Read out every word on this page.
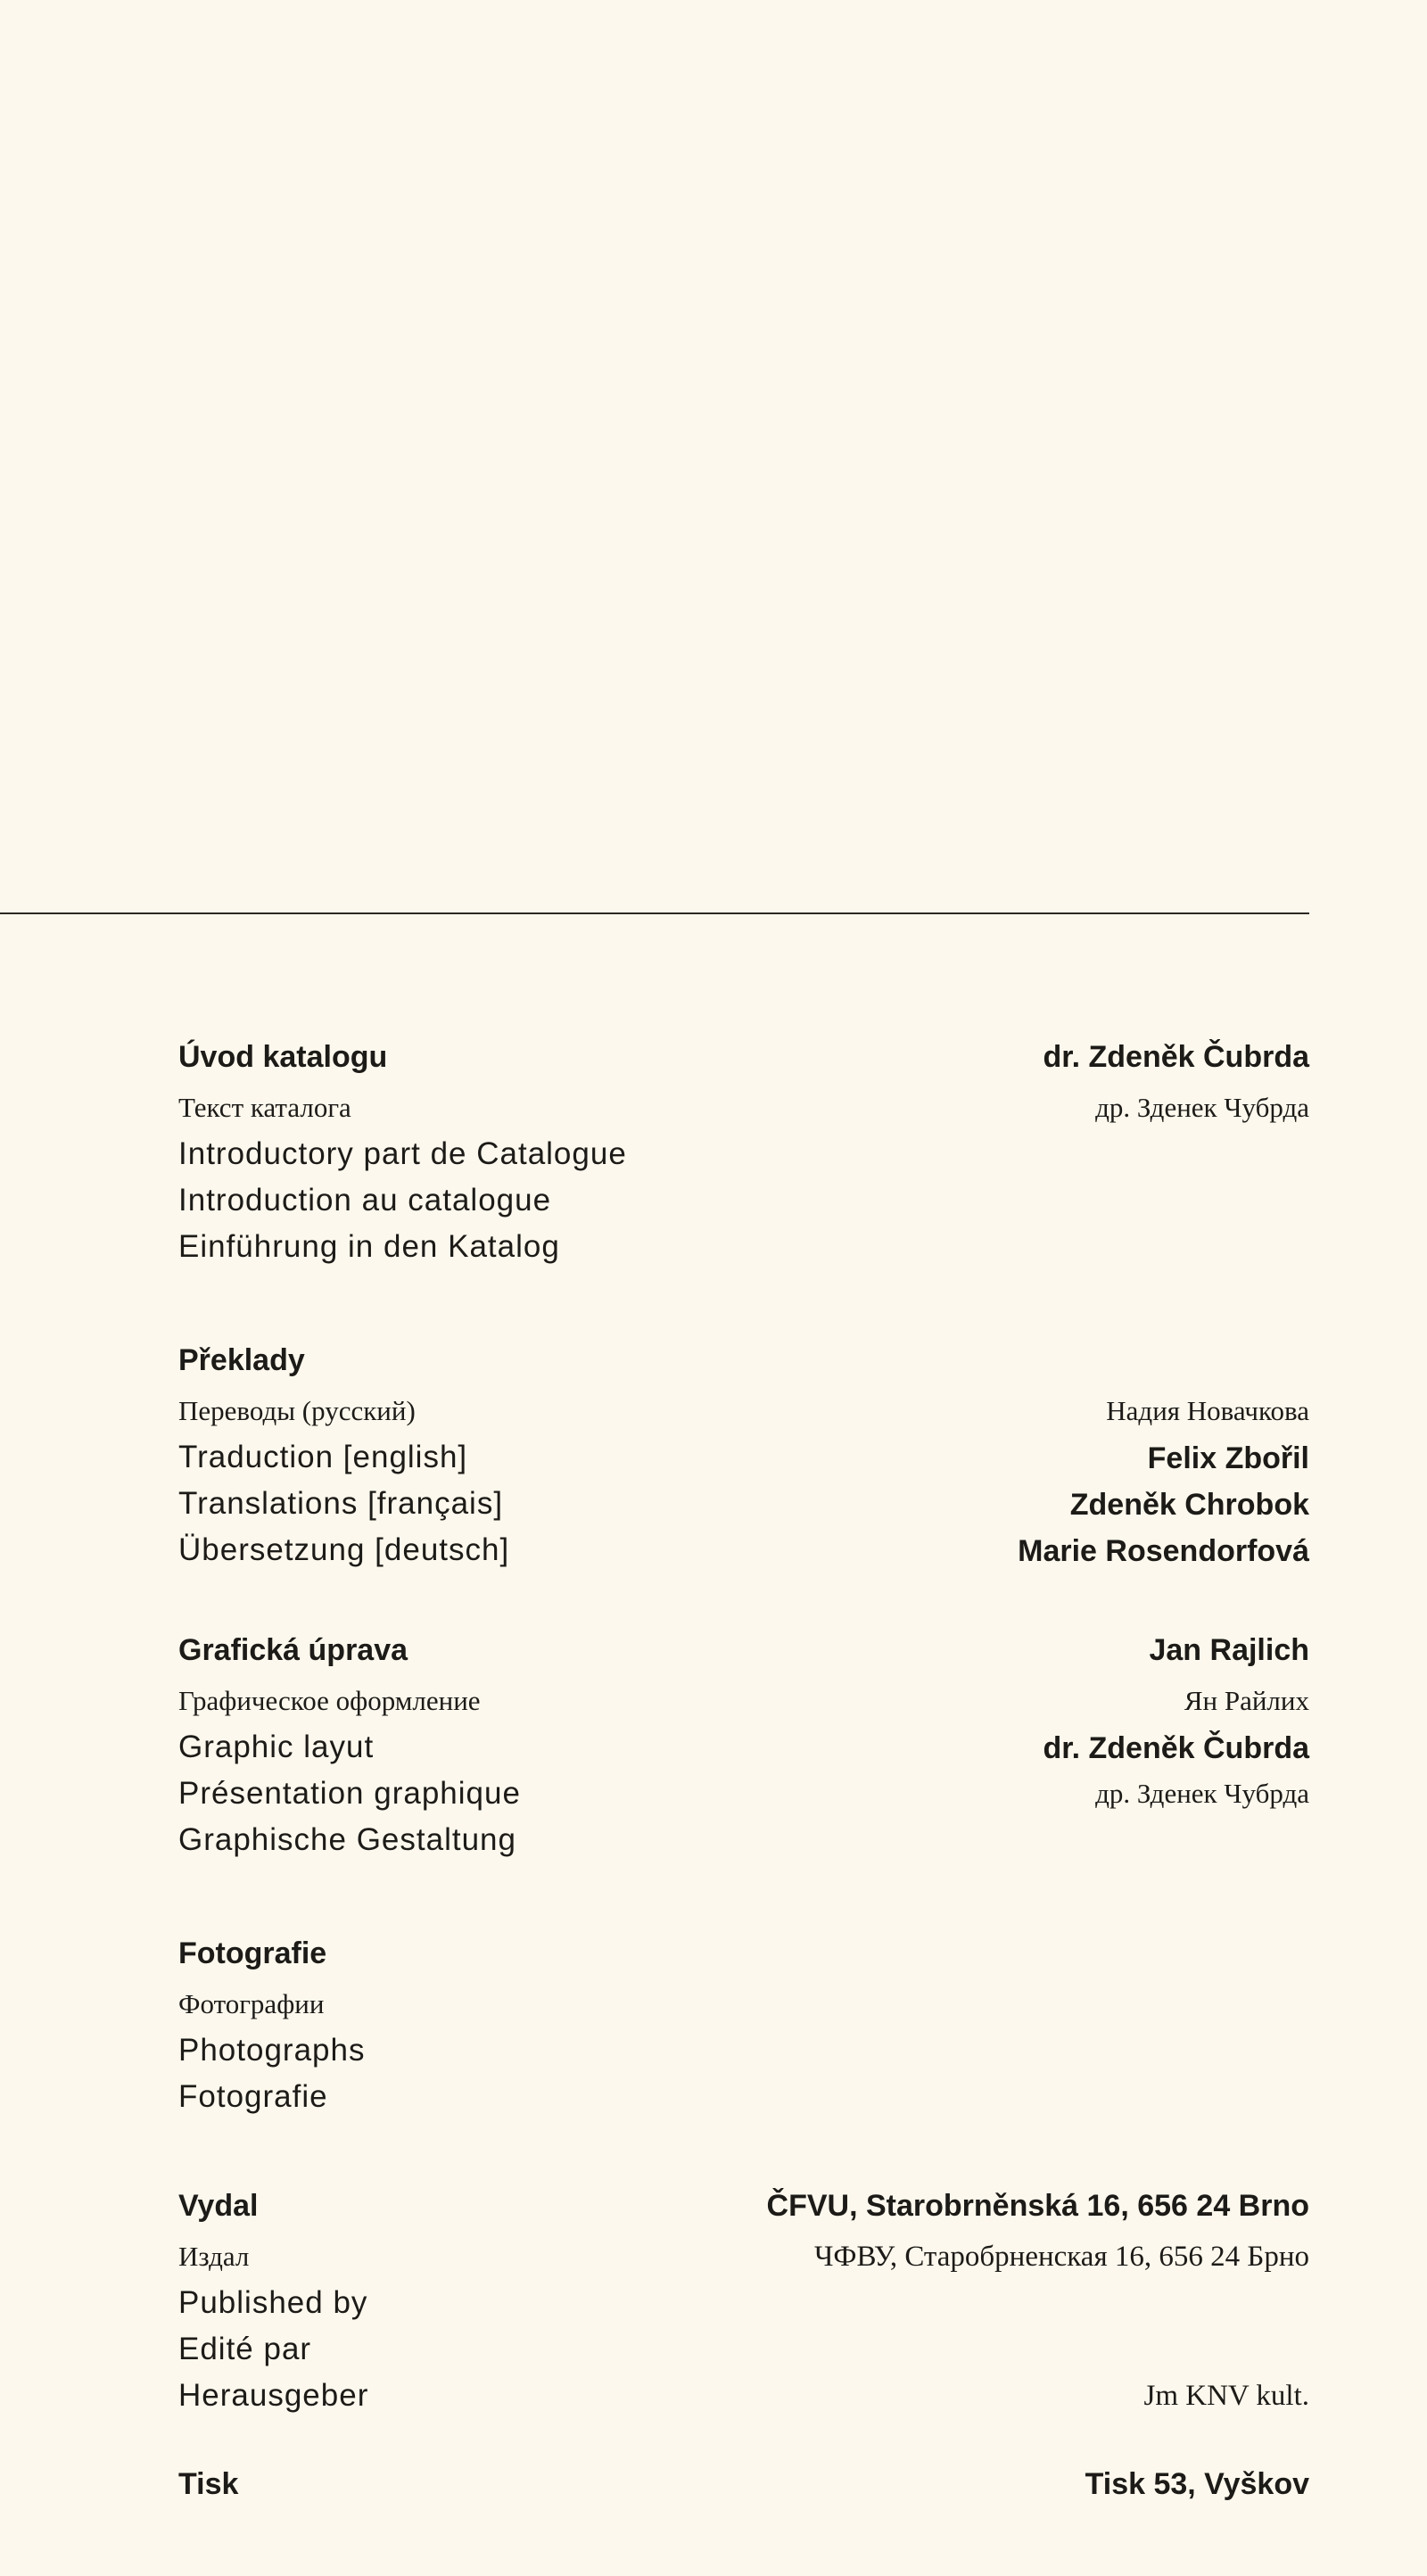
Úvod katalogu	dr. Zdeněk Čubrda
Текст каталога	др. Зденек Чубрда
Introductory part de Catalogue
Introduction au catalogue
Einführung in den Katalog
Překlady
Переводы (русский)	Надия Новачкова
Traduction [english]	Felix Zbořil
Translations [français]	Zdeněk Chrobok
Übersetzung [deutsch]	Marie Rosendorfová
Grafická úprava	Jan Rajlich
Графическое оформление	Ян Райлих
Graphic layut	dr. Zdeněk Čubrda
Présentation graphique	др. Зденек Чубрда
Graphische Gestaltung
Fotografie
Фотографии
Photographs
Fotografie
Vydal	ČFVU, Starobrněnská 16, 656 24 Brno
Издал	ЧФВУ, Старобрненская 16, 656 24 Брно
Published by
Edité par
Herausgeber	Jm KNV kult.
Tisk	Tisk 53, Vyškov
